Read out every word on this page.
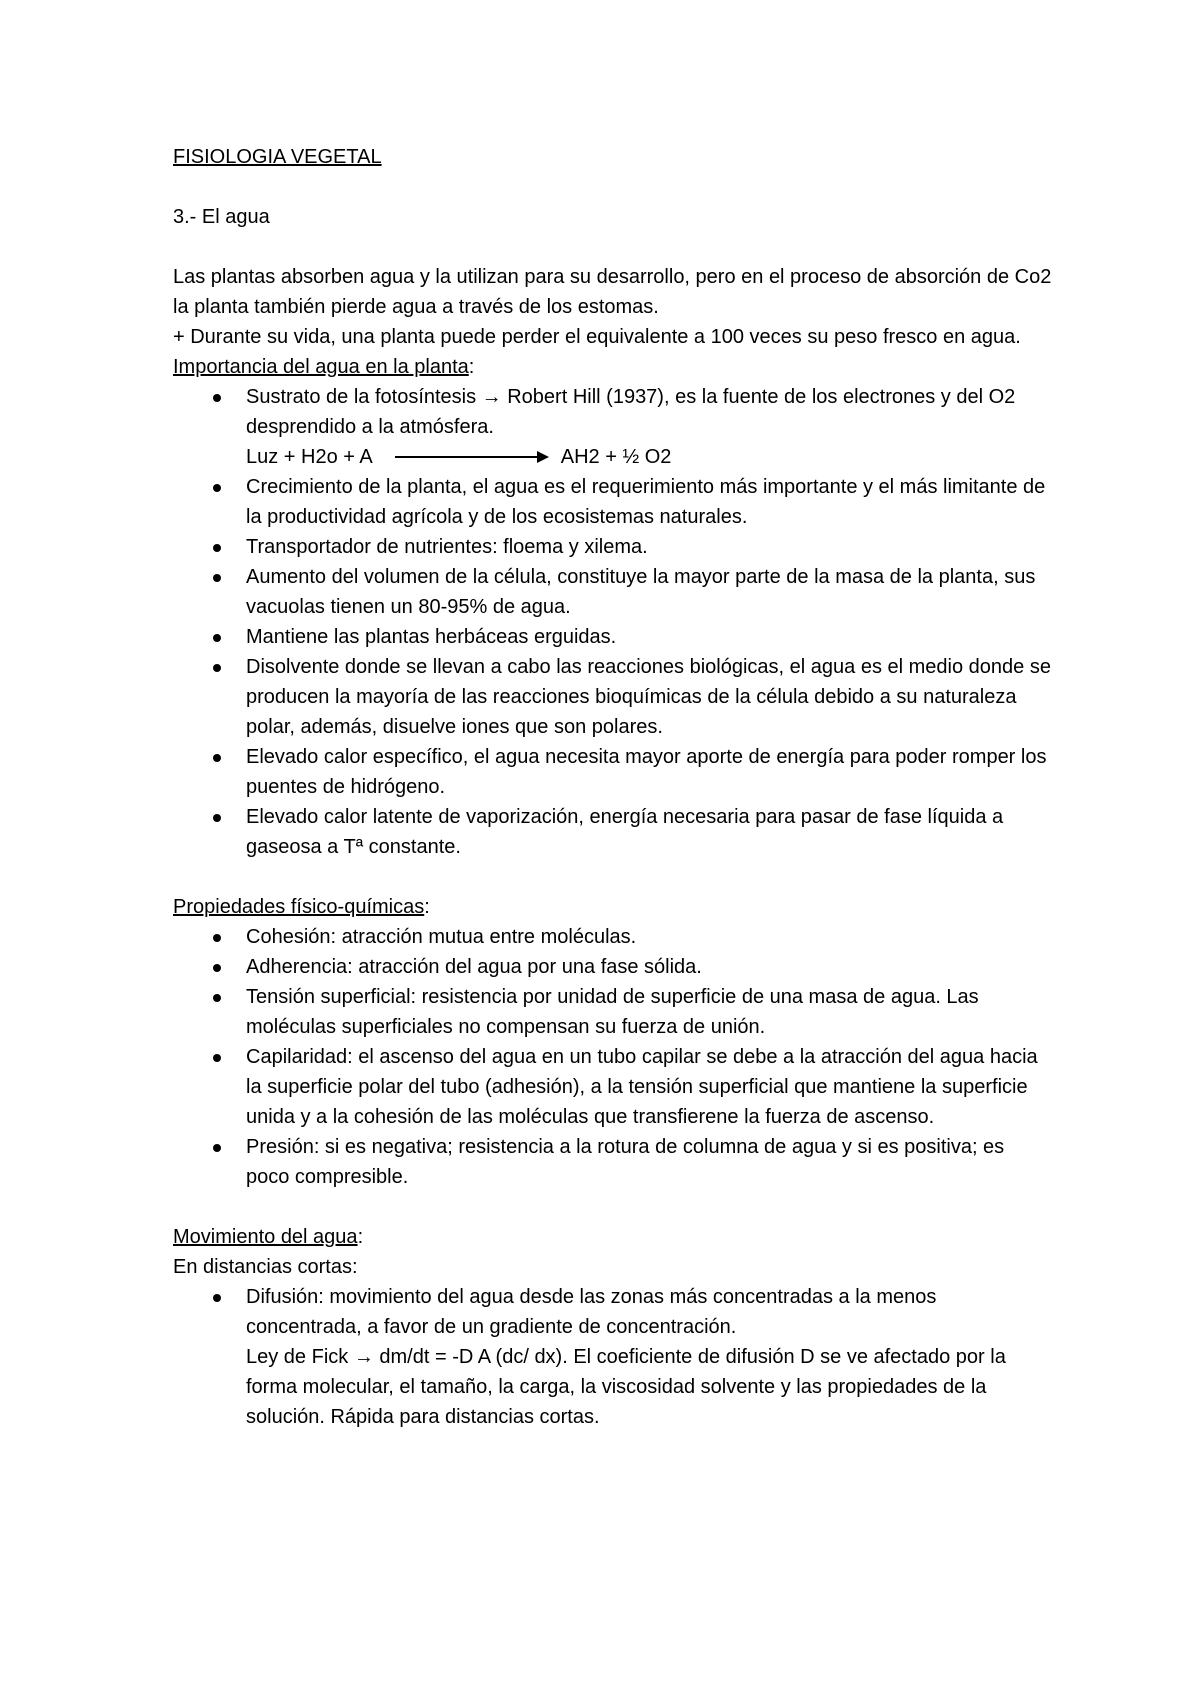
FISIOLOGIA VEGETAL

3.- El agua

Las plantas absorben agua y la utilizan para su desarrollo, pero en el proceso de absorción de Co2 la planta también pierde agua a través de los estomas.

+ Durante su vida, una planta puede perder el equivalente a 100 veces su peso fresco en agua.

Importancia del agua en la planta:

Sustrato de la fotosíntesis → Robert Hill (1937), es la fuente de los electrones y del O2 desprendido a la atmósfera.
Luz + H2o + A	AH2 + ½ O2
Crecimiento de la planta, el agua es el requerimiento más importante y el más limitante de la productividad agrícola y de los ecosistemas naturales.
Transportador de nutrientes: floema y xilema.
Aumento del volumen de la célula, constituye la mayor parte de la masa de la planta, sus vacuolas tienen un 80-95% de agua.
Mantiene las plantas herbáceas erguidas.
Disolvente donde se llevan a cabo las reacciones biológicas, el agua es el medio donde se producen la mayoría de las reacciones bioquímicas de la célula debido a su naturaleza polar, además, disuelve iones que son polares.
Elevado calor específico, el agua necesita mayor aporte de energía para poder romper los puentes de hidrógeno.
Elevado calor latente de vaporización, energía necesaria para pasar de fase líquida a gaseosa a Tª constante.

Propiedades físico-químicas:

Cohesión: atracción mutua entre moléculas.
Adherencia: atracción del agua por una fase sólida.
Tensión superficial: resistencia por unidad de superficie de una masa de agua. Las moléculas superficiales no compensan su fuerza de unión.
Capilaridad: el ascenso del agua en un tubo capilar se debe a la atracción del agua hacia la superficie polar del tubo (adhesión), a la tensión superficial que mantiene la superficie unida y a la cohesión de las moléculas que transfierene la fuerza de ascenso.
Presión: si es negativa; resistencia a la rotura de columna de agua y si es positiva; es poco compresible.

Movimiento del agua:

En distancias cortas:

Difusión: movimiento del agua desde las zonas más concentradas a la menos concentrada, a favor de un gradiente de concentración.
Ley de Fick → dm/dt = -D A (dc/ dx). El coeficiente de difusión D se ve afectado por la forma molecular, el tamaño, la carga, la viscosidad solvente y las propiedades de la solución. Rápida para distancias cortas.
